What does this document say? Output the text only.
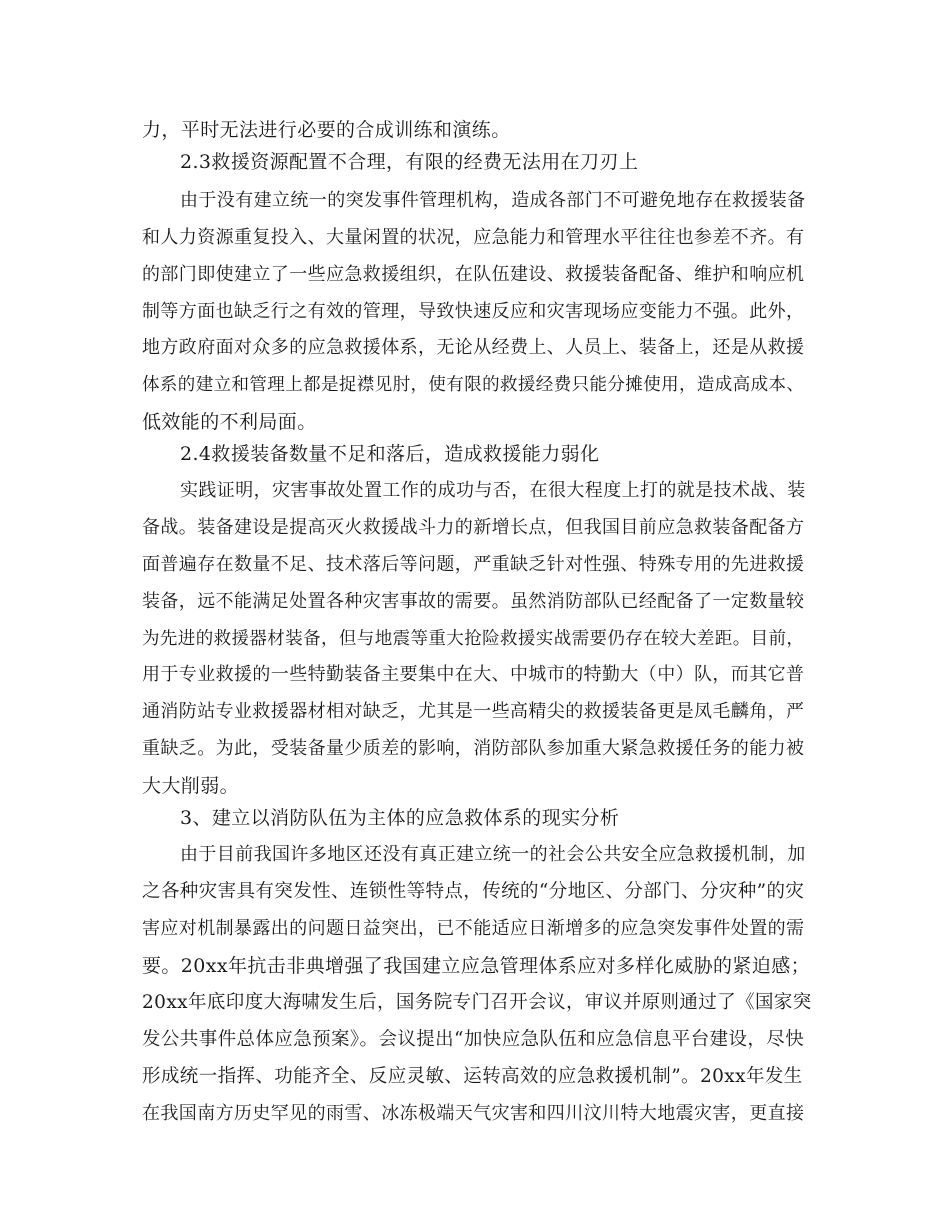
力，平时无法进行必要的合成训练和演练。
2.3救援资源配置不合理，有限的经费无法用在刀刃上
由于没有建立统一的突发事件管理机构，造成各部门不可避免地存在救援装备
和人力资源重复投入、大量闲置的状况，应急能力和管理水平往往也参差不齐。有
的部门即使建立了一些应急救援组织，在队伍建设、救援装备配备、维护和响应机
制等方面也缺乏行之有效的管理，导致快速反应和灾害现场应变能力不强。此外，
地方政府面对众多的应急救援体系，无论从经费上、人员上、装备上，还是从救援
体系的建立和管理上都是捉襟见肘，使有限的救援经费只能分摊使用，造成高成本、
低效能的不利局面。
2.4救援装备数量不足和落后，造成救援能力弱化
实践证明，灾害事故处置工作的成功与否，在很大程度上打的就是技术战、装
备战。装备建设是提高灭火救援战斗力的新增长点，但我国目前应急救装备配备方
面普遍存在数量不足、技术落后等问题，严重缺乏针对性强、特殊专用的先进救援
装备，远不能满足处置各种灾害事故的需要。虽然消防部队已经配备了一定数量较
为先进的救援器材装备，但与地震等重大抢险救援实战需要仍存在较大差距。目前，
用于专业救援的一些特勤装备主要集中在大、中城市的特勤大（中）队，而其它普
通消防站专业救援器材相对缺乏，尤其是一些高精尖的救援装备更是凤毛麟角，严
重缺乏。为此，受装备量少质差的影响，消防部队参加重大紧急救援任务的能力被
大大削弱。
3、建立以消防队伍为主体的应急救体系的现实分析
由于目前我国许多地区还没有真正建立统一的社会公共安全应急救援机制，加
之各种灾害具有突发性、连锁性等特点，传统的“分地区、分部门、分灾种”的灾
害应对机制暴露出的问题日益突出，已不能适应日渐增多的应急突发事件处置的需
要。20xx年抗击非典增强了我国建立应急管理体系应对多样化威胁的紧迫感；
20xx年底印度大海啸发生后，国务院专门召开会议，审议并原则通过了《国家突
发公共事件总体应急预案》。会议提出“加快应急队伍和应急信息平台建设，尽快
形成统一指挥、功能齐全、反应灵敏、运转高效的应急救援机制”。20xx年发生
在我国南方历史罕见的雨雪、冰冻极端天气灾害和四川汶川特大地震灾害，更直接
